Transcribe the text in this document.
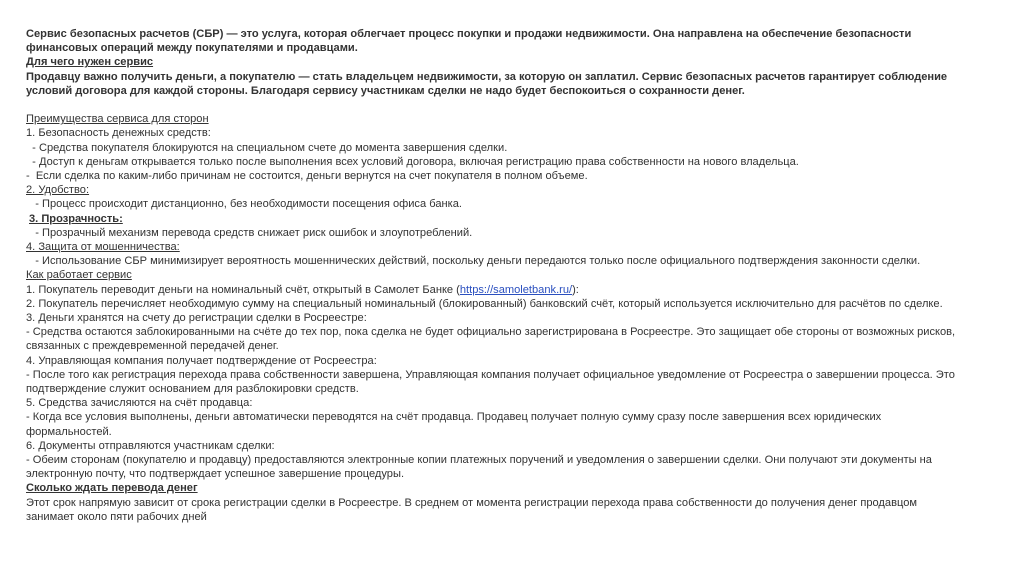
Сервис безопасных расчетов (СБР) — это услуга, которая облегчает процесс покупки и продажи недвижимости. Она направлена на обеспечение безопасности

финансовых операций между покупателями и продавцами.

Для чего нужен сервис

Продавцу важно получить деньги, а покупателю — стать владельцем недвижимости, за которую он заплатил. Сервис безопасных расчетов гарантирует соблюдение

условий договора для каждой стороны. Благодаря сервису участникам сделки не надо будет беспокоиться о сохранности денег.

Преимущества сервиса для сторон

1. Безопасность денежных средств:

- Средства покупателя блокируются на специальном счете до момента завершения сделки.

- Доступ к деньгам открывается только после выполнения всех условий договора, включая регистрацию права собственности на нового владельца.

-  Если сделка по каким-либо причинам не состоится, деньги вернутся на счет покупателя в полном объеме.

2. Удобство:

- Процесс происходит дистанционно, без необходимости посещения офиса банка.

3. Прозрачность:

- Прозрачный механизм перевода средств снижает риск ошибок и злоупотреблений.

4. Защита от мошенничества:

- Использование СБР минимизирует вероятность мошеннических действий, поскольку деньги передаются только после официального подтверждения законности сделки.

Как работает сервис

1. Покупатель переводит деньги на номинальный счёт, открытый в Самолет Банке (https://samoletbank.ru/):

2. Покупатель перечисляет необходимую сумму на специальный номинальный (блокированный) банковский счёт, который используется исключительно для расчётов по сделке.

3. Деньги хранятся на счету до регистрации сделки в Росреестре:

- Средства остаются заблокированными на счёте до тех пор, пока сделка не будет официально зарегистрирована в Росреестре. Это защищает обе стороны от возможных рисков,

связанных с преждевременной передачей денег.

4. Управляющая компания получает подтверждение от Росреестра:

- После того как регистрация перехода права собственности завершена, Управляющая компания получает официальное уведомление от Росреестра о завершении процесса. Это

подтверждение служит основанием для разблокировки средств.

5. Средства зачисляются на счёт продавца:

- Когда все условия выполнены, деньги автоматически переводятся на счёт продавца. Продавец получает полную сумму сразу после завершения всех юридических

формальностей.

6. Документы отправляются участникам сделки:

- Обеим сторонам (покупателю и продавцу) предоставляются электронные копии платежных поручений и уведомления о завершении сделки. Они получают эти документы на

электронную почту, что подтверждает успешное завершение процедуры.

Сколько ждать перевода денег

Этот срок напрямую зависит от срока регистрации сделки в Росреестре. В среднем от момента регистрации перехода права собственности до получения денег продавцом

занимает около пяти рабочих дней
